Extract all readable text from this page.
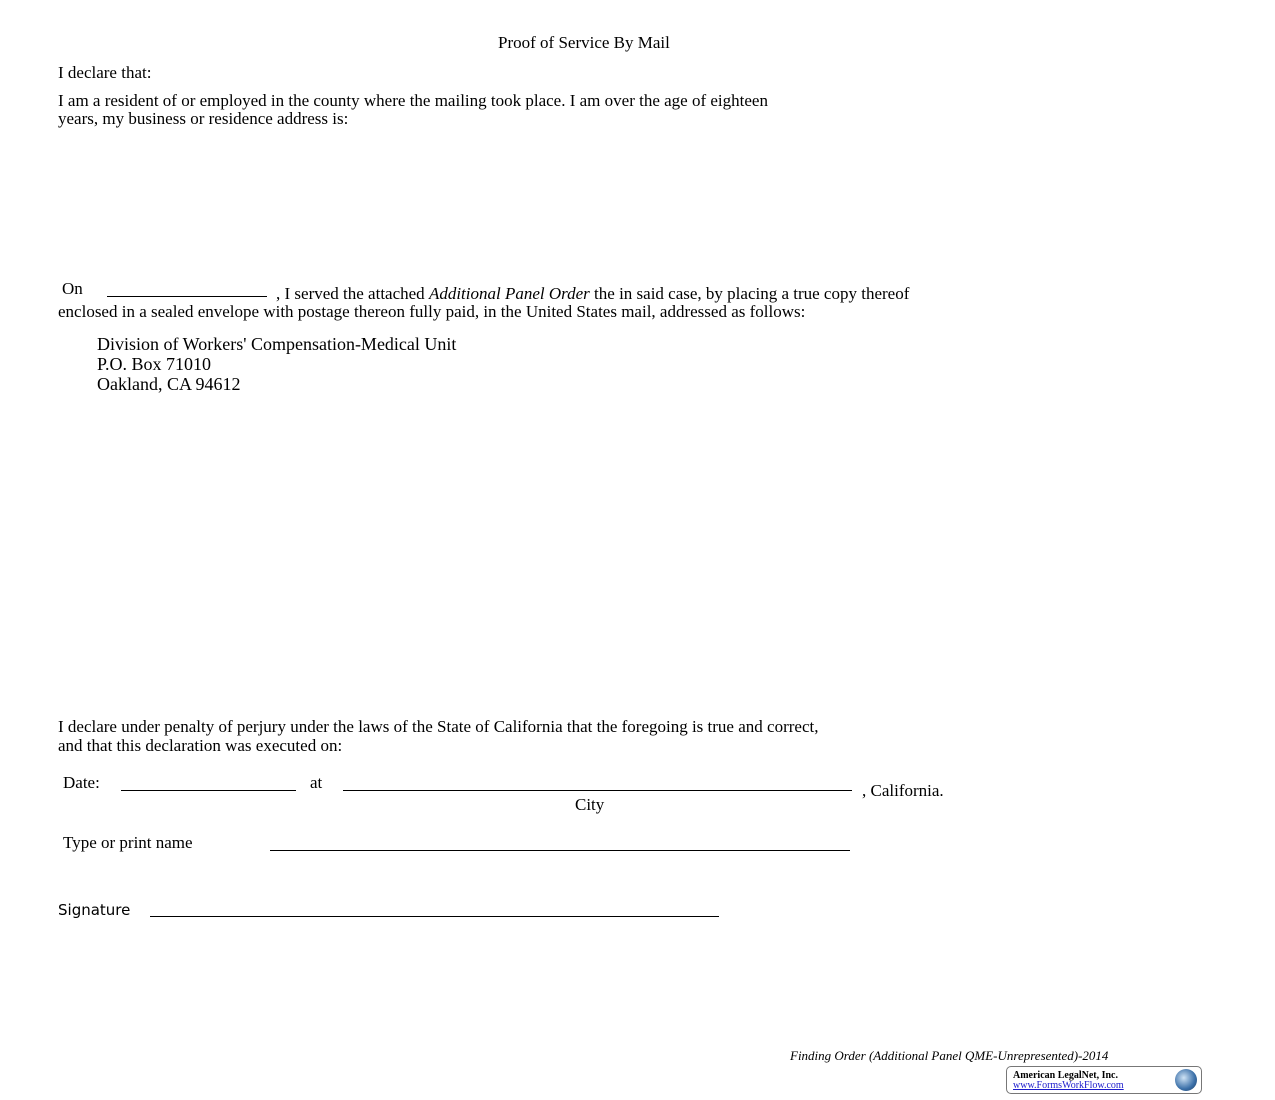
Proof of Service By Mail
I declare that:
I am a resident of or employed in the county where the mailing took place. I am over the age of eighteen
years, my business or residence address is:
On	, I served the attached Additional Panel Order the in said case, by placing a true copy thereof
enclosed in a sealed envelope with postage thereon fully paid, in the United States mail, addressed as follows:
Division of Workers' Compensation-Medical Unit
P.O. Box 71010
Oakland, CA 94612
I declare under penalty of perjury under the laws of the State of California that the foregoing is true and correct,
and that this declaration was executed on:
Date:	at	, California.
City
Type or print name
Signature
Finding Order (Additional Panel QME-Unrepresented)-2014
American LegalNet, Inc.
www.FormsWorkFlow.com
